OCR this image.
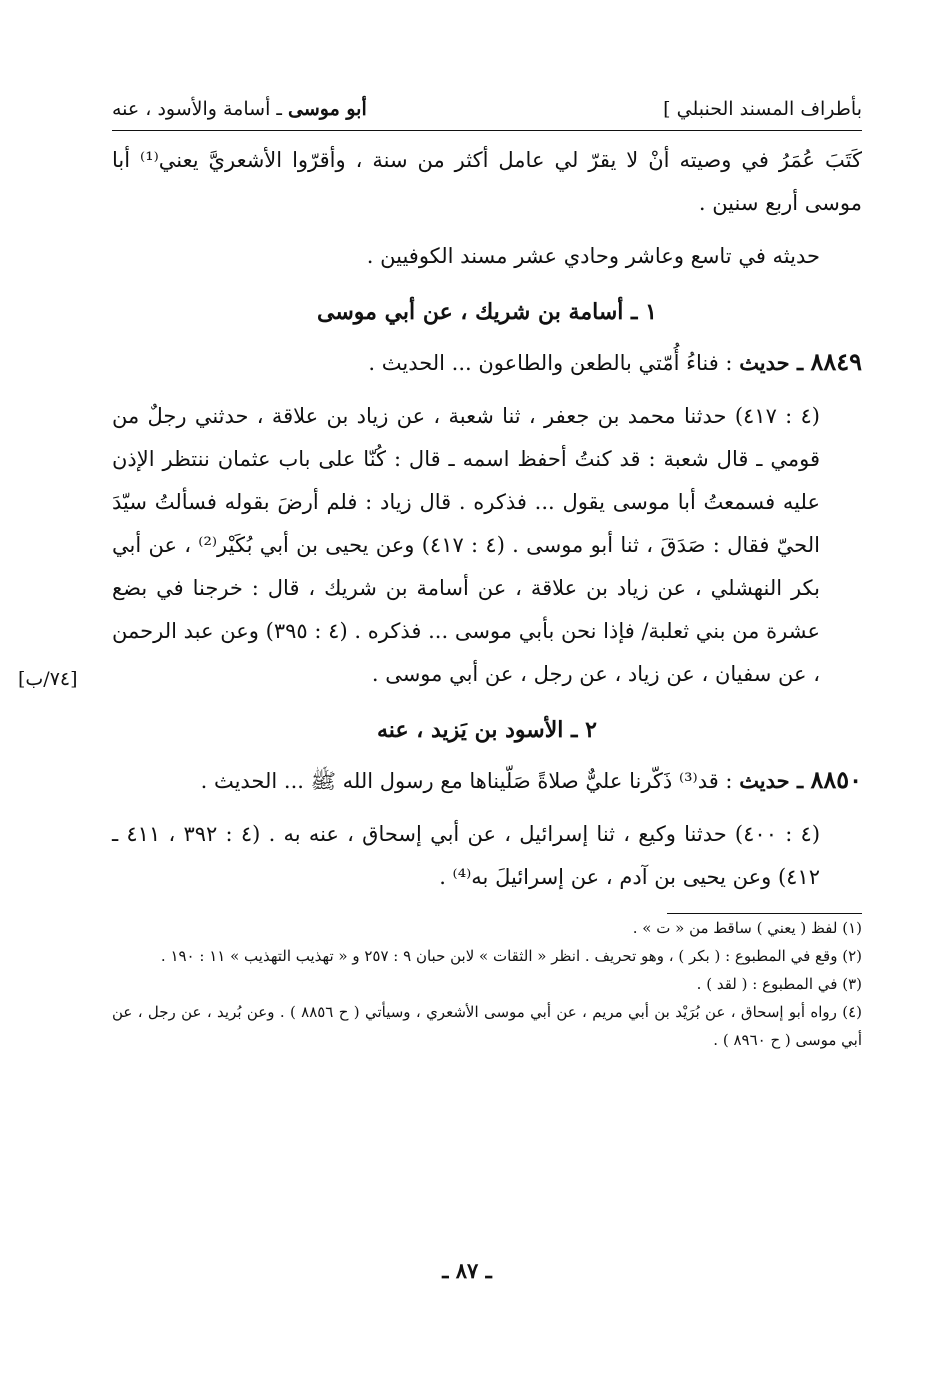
بأطراف المسند الحنبلي ]
أبو موسى ـ أسامة والأسود ، عنه

كَتَبَ عُمَرُ في وصيته أنْ لا يقرّ لي عامل أكثر من سنة ، وأقرّوا الأشعريَّ يعني⁽¹⁾ أبا موسى أربع سنين .

حديثه في تاسع وعاشر وحادي عشر مسند الكوفيين .

١ ـ أسامة بن شريك ، عن أبي موسى

٨٨٤٩ ـ حديث : فناءُ أُمّتي بالطعن والطاعون ... الحديث .

(٤ : ٤١٧) حدثنا محمد بن جعفر ، ثنا شعبة ، عن زياد بن علاقة ، حدثني رجلٌ من قومي ـ قال شعبة : قد كنتُ أحفظ اسمه ـ قال : كُنّا على باب عثمان ننتظر الإذن عليه فسمعتُ أبا موسى يقول ... فذكره . قال زياد : فلم أرضَ بقوله فسألتُ سيّدَ الحيّ فقال : صَدَقَ ، ثنا أبو موسى . (٤ : ٤١٧) وعن يحيى بن أبي بُكَيْر⁽²⁾ ، عن أبي بكر النهشلي ، عن زياد بن علاقة ، عن أسامة بن شريك ، قال : خرجنا في بضع عشرة من بني ثعلبة/ فإذا نحن بأبي موسى ... فذكره . (٤ : ٣٩٥) وعن عبد الرحمن ، عن سفيان ، عن زياد ، عن رجل ، عن أبي موسى .

٢ ـ الأسود بن يَزيد ، عنه

٨٨٥٠ ـ حديث : قد⁽³⁾ ذَكّرنا عليٌّ صلاةً صَلّيناها مع رسول الله ﷺ ... الحديث .

(٤ : ٤٠٠) حدثنا وكيع ، ثنا إسرائيل ، عن أبي إسحاق ، عنه به . (٤ : ٣٩٢ ، ٤١١ ـ ٤١٢) وعن يحيى بن آدم ، عن إسرائيلَ به⁽⁴⁾ .

(١) لفظ ( يعني ) ساقط من « ت » .

(٢) وقع في المطبوع : ( بكر ) ، وهو تحريف . انظر « الثقات » لابن حبان ٩ : ٢٥٧ و « تهذيب التهذيب » ١١ : ١٩٠ .

(٣) في المطبوع : ( لقد ) .

(٤) رواه أبو إسحاق ، عن بُرَيْد بن أبي مريم ، عن أبي موسى الأشعري ، وسيأتي ( ح ٨٨٥٦ ) . وعن بُريد ، عن رجل ، عن أبي موسى ( ح ٨٩٦٠ ) .

[٧٤/ب]
ـ ٨٧ ـ
